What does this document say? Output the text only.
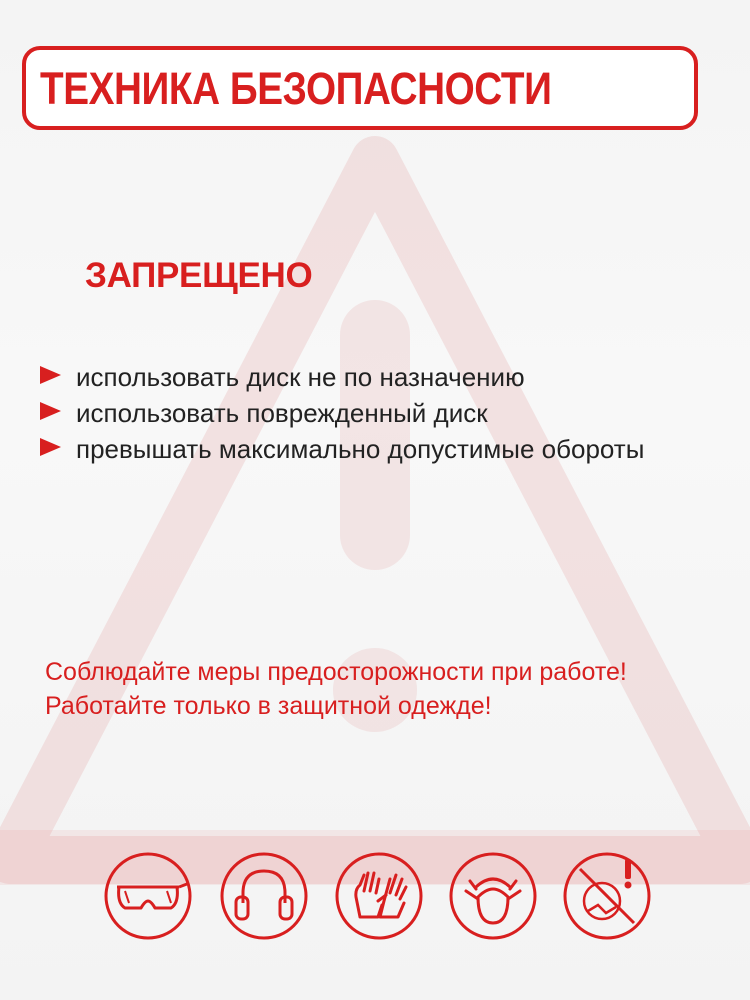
ТЕХНИКА БЕЗОПАСНОСТИ
ЗАПРЕЩЕНО
использовать диск не по назначению
использовать поврежденный диск
превышать максимально допустимые обороты
Соблюдайте меры предосторожности при работе!
Работайте только в защитной одежде!
